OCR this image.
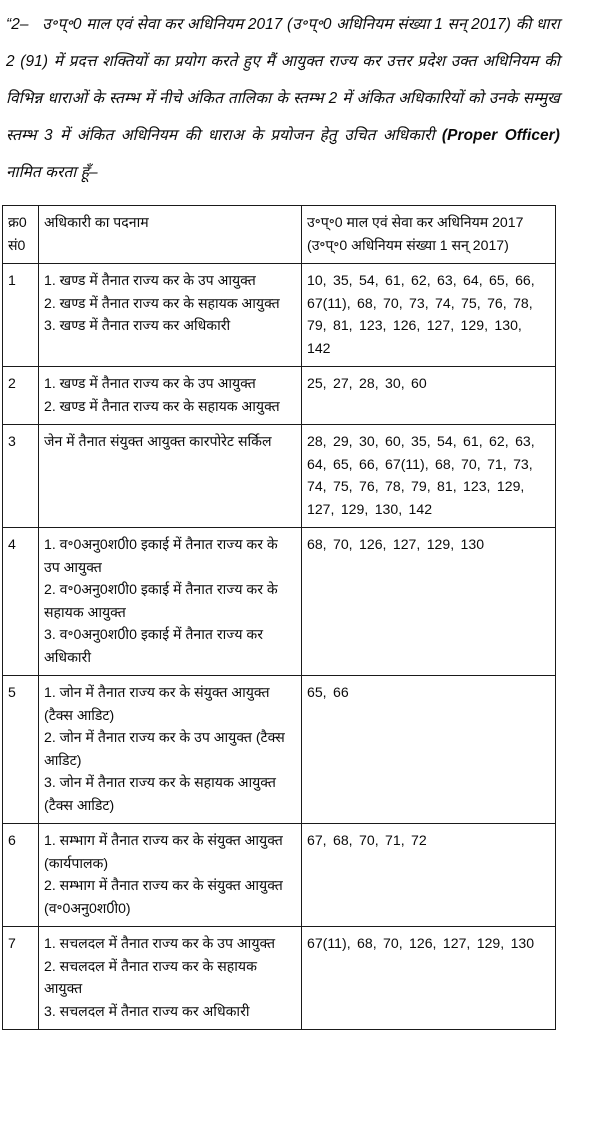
“2– उ॰प्॰0 माल एवं सेवा कर अधिनियम 2017 (उ॰प्॰0 अधिनियम संख्या 1 सन् 2017) की धारा 2 (91) में प्रदत्त शक्तियों का प्रयोग करते हुए मैं आयुक्त राज्य कर उत्तर प्रदेश उक्त अधिनियम की विभिन्न धाराओं के स्तम्भ में नीचे अंकित तालिका के स्तम्भ 2 में अंकित अधिकारियों को उनके सम्मुख स्तम्भ 3 में अंकित अधिनियम की धाराअ के प्रयोजन हेतु उचित अधिकारी (Proper Officer) नामित करता हूँ–

क्र0
सं0	अधिकारी का पदनाम	उ॰प्॰0 माल एवं सेवा कर अधिनियम 2017 (उ॰प्॰0 अधिनियम संख्या 1 सन् 2017)
1	1. खण्ड में तैनात राज्य कर के उप आयुक्त
2. खण्ड में तैनात राज्य कर के सहायक आयुक्त
3. खण्ड में तैनात राज्य कर अधिकारी	10, 35, 54, 61, 62, 63, 64, 65, 66, 67(11), 68, 70, 73, 74, 75, 76, 78, 79, 81, 123, 126, 127, 129, 130, 142
2	1. खण्ड में तैनात राज्य कर के उप आयुक्त
2. खण्ड में तैनात राज्य कर के सहायक आयुक्त	25, 27, 28, 30, 60
3	जेन में तैनात संयुक्त आयुक्त कारपोरेट सर्किल	28, 29, 30, 60, 35, 54, 61, 62, 63, 64, 65, 66, 67(11), 68, 70, 71, 73, 74, 75, 76, 78, 79, 81, 123, 129, 127, 129, 130, 142
4	1. व॰0अनु0श0ी0 इकाई में तैनात राज्य कर के उप आयुक्त
2. व॰0अनु0श0ी0 इकाई में तैनात राज्य कर के सहायक आयुक्त
3. व॰0अनु0श0ी0 इकाई में तैनात राज्य कर अधिकारी	68, 70, 126, 127, 129, 130
5	1. जोन में तैनात राज्य कर के संयुक्त आयुक्त (टैक्स आडिट)
2. जोन में तैनात राज्य कर के उप आयुक्त (टैक्स आडिट)
3. जोन में तैनात राज्य कर के सहायक आयुक्त (टैक्स आडिट)	65, 66
6	1. सम्भाग में तैनात राज्य कर के संयुक्त आयुक्त (कार्यपालक)
2. सम्भाग में तैनात राज्य कर के संयुक्त आयुक्त (व॰0अनु0श0ी0)	67, 68, 70, 71, 72
7	1. सचलदल में तैनात राज्य कर के उप आयुक्त
2. सचलदल में तैनात राज्य कर के सहायक आयुक्त
3. सचलदल में तैनात राज्य कर अधिकारी	67(11), 68, 70, 126, 127, 129, 130
